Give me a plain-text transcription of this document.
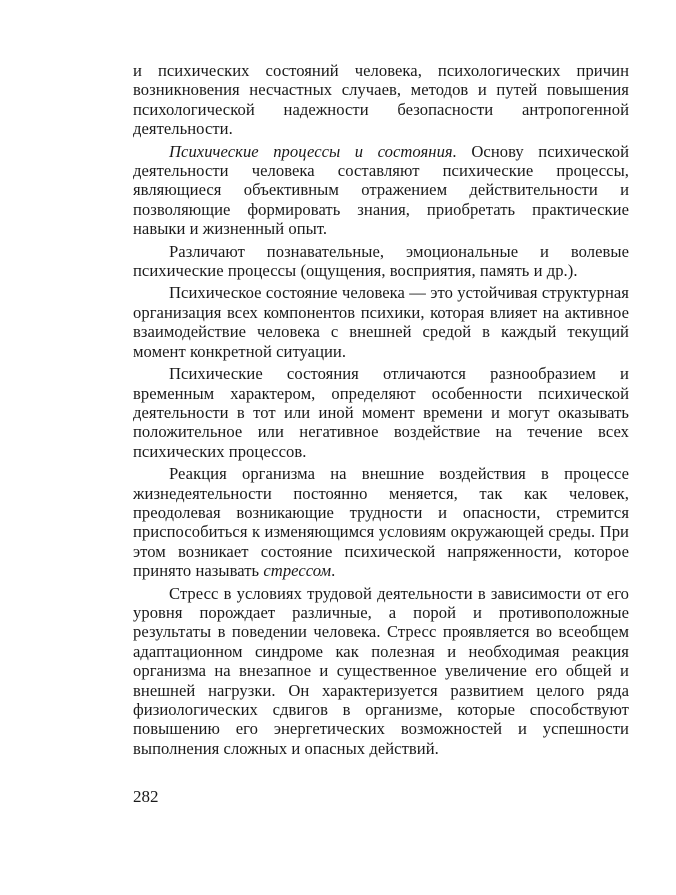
и психических состояний человека, психологических причин возникновения несчастных случаев, методов и путей повышения психологической надежности безопасности антропогенной деятельности.

Психические процессы и состояния. Основу психической деятельности человека составляют психические процессы, являющиеся объективным отражением действительности и позволяющие формировать знания, приобретать практические навыки и жизненный опыт.

Различают познавательные, эмоциональные и волевые психические процессы (ощущения, восприятия, память и др.).

Психическое состояние человека — это устойчивая структурная организация всех компонентов психики, которая влияет на активное взаимодействие человека с внешней средой в каждый текущий момент конкретной ситуации.

Психические состояния отличаются разнообразием и временным характером, определяют особенности психической деятельности в тот или иной момент времени и могут оказывать положительное или негативное воздействие на течение всех психических процессов.

Реакция организма на внешние воздействия в процессе жизнедеятельности постоянно меняется, так как человек, преодолевая возникающие трудности и опасности, стремится приспособиться к изменяющимся условиям окружающей среды. При этом возникает состояние психической напряженности, которое принято называть стрессом.

Стресс в условиях трудовой деятельности в зависимости от его уровня порождает различные, а порой и противоположные результаты в поведении человека. Стресс проявляется во всеобщем адаптационном синдроме как полезная и необходимая реакция организма на внезапное и существенное увеличение его общей и внешней нагрузки. Он характеризуется развитием целого ряда физиологических сдвигов в организме, которые способствуют повышению его энергетических возможностей и успешности выполнения сложных и опасных действий.

282
